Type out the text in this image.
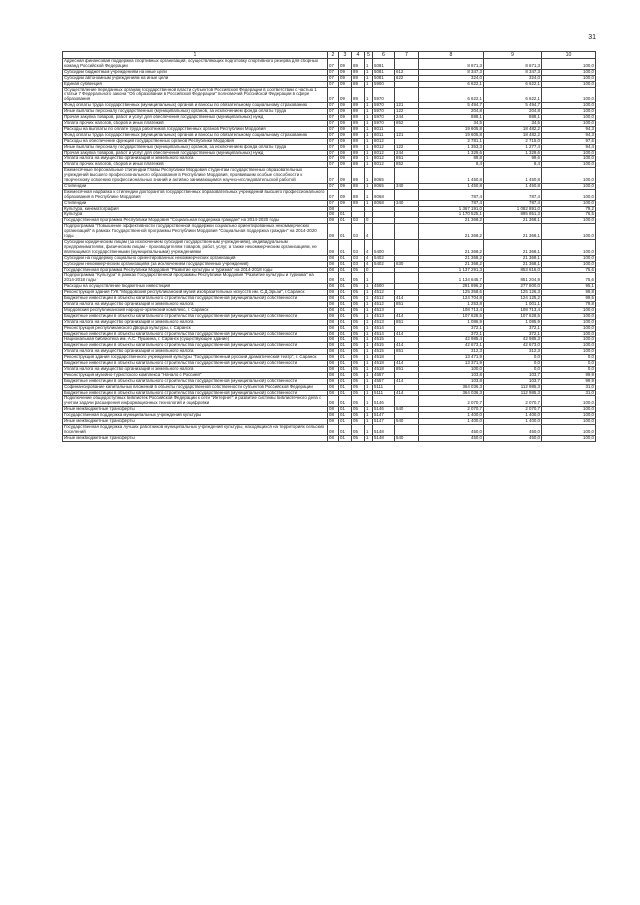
31
1	2	3	4	5	6	7	8	9	10
Адресная финансовая поддержка спортивных организаций, осуществляющих подготовку спортивного резерва для сборных команд Российской Федерации	07	09	89	1	5081		8 671,3	8 671,3	100,0
Субсидии бюджетным учреждениям на иные цели	07	09	89	1	5081	612	8 347,3	8 347,3	100,0
Субсидии автономным учреждениям на иные цели	07	09	89	1	5081	622	324,0	324,0	100,0
Единая субвенция	07	09	89	1	5900		6 622,1	6 622,1	100,0
Осуществление переданных органам государственной власти субъектов Российской Федерации в соответствии с частью 1 статьи 7 Федерального закона "Об образовании в Российской Федерации" полномочий Российской Федерации в сфере образования	07	09	89	1	5970		6 622,1	6 622,1	100,0
Фонд оплаты труда государственных (муниципальных) органов и взносы по обязательному социальному страхованию	07	09	89	1	5970	121	5 494,7	5 494,7	100,0
Иные выплаты персоналу государственных (муниципальных) органов, за исключением фонда оплаты труда	07	09	89	1	5970	122	204,8	204,8	100,0
Прочая закупка товаров, работ и услуг для обеспечения государственных (муниципальных) нужд	07	09	89	1	5970	244	888,1	888,1	100,0
Уплата прочих налогов, сборов и иных платежей	07	09	89	1	5970	852	34,5	34,5	100,0
Расходы на выплаты по оплате труда работников государственных органов Республики Мордовия	07	09	89	1	8011		19 605,8	18 482,2	94,3
Фонд оплаты труда государственных (муниципальных) органов и взносы по обязательному социальному страхованию	07	09	89	1	8011	121	19 605,8	18 482,2	94,3
Расходы на обеспечение функций государственных органов Республики Мордовия	07	09	89	1	8012		2 781,1	2 715,0	97,6
Иные выплаты персоналу государственных (муниципальных) органов, за исключением фонда оплаты труда	07	09	89	1	8012	122	1 353,3	1 277,4	94,4
Прочая закупка товаров, работ и услуг для обеспечения государственных (муниципальных) нужд	07	09	89	1	8012	244	1 329,6	1 329,6	100,0
Уплата налога на имущество организаций и земельного налога	07	09	89	1	8012	851	89,8	99,6	100,0
Уплата прочих налогов, сборов и иных платежей	07	09	89	1	8012	852	8,4	8,4	100,0
Ежемесячные персональные стипендии Главы Республики Мордовия студентам государственных образовательных учреждений высшего профессионального образования в Республике Мордовия, проявившим особые способности к творческому освоению профессиональных знаний и активно занимающимся научно-исследовательской работой	07	09	89	1	8065		1 450,8	1 450,8	100,0
Стипендии	07	09	89	1	8065	340	1 450,8	1 450,8	100,0
Ежемесячная надбавка к стипендии докторантов государственных образовательных учреждений высшего профессионального образования в Республике Мордовия	07	09	89	1	8068		787,4	787,4	100,0
Стипендии	07	09	89	1	8068	340	787,4	787,4	100,0
Культура, кинематография	08						1 367 191,0	1 082 891,0	79,2
Культура	08	01					1 170 525,1	895 851,3	76,5
Государственная программа Республики Мордовия "Социальная поддержка граждан" на 2014-2020 годы	08	01	03	0			21 368,2	21 368,1	100,0
Подпрограмма "Повышение эффективности государственной поддержки социально ориентированных некоммерческих организаций" в рамках Государственной программы Республики Мордовия "Социальная поддержка граждан" на 2014-2020 годы	08	01	03	4			21 368,2	21 368,1	100,0
Субсидии юридическим лицам (за исключением субсидий государственным учреждениям), индивидуальным предпринимателям, физическим лицам - производителям товаров, работ, услуг, а также некоммерческим организациям, не являющимся государственными (муниципальными) учреждениями	08	01	03	4	5400		21 368,2	21 368,1	100,0
Субсидии на поддержку социально ориентированных некоммерческих организаций	08	01	03	4	5402		21 368,2	21 368,1	100,0
Субсидии некоммерческим организациям (за исключением государственных учреждений)	08	01	03	4	5402	630	21 368,2	21 368,1	100,0
Государственная программа Республики Мордовия "Развитие культуры и туризма" на 2014-2018 годы	08	01	05	0			1 137 291,3	853 616,0	75,6
Подпрограмма "Культура" в рамках Государственной программы Республики Мордовия "Развитие культуры и туризма" на 2014-2018 годы	08	01	05	1			1 134 645,7	851 204,9	75,6
Расходы на осуществление бюджетных инвестиций	08	01	05	1	4500		291 896,2	277 800,0	95,1
Реконструкция здания ГУК "Мордовский республиканский музей изобразительных искусств им. С.Д.Эрьзи", г.Саранск	08	01	05	1	4512		125 358,6	125 126,3	99,8
Бюджетные инвестиции в объекты капитального строительства государственной (муниципальной) собственности	08	01	05	1	4512	414	124 704,8	124 125,2	99,5
Уплата налога на имущество организаций и земельного налога	08	01	05	1	4512	851	1 253,8	1 001,1	79,8
Мордовский республиканский народно-эрзянский комплекс, г. Саранск	08	01	05	1	4513		108 713,4	108 713,4	100,0
Бюджетные инвестиции в объекты капитального строительства государственной (муниципальной) собственности	08	01	05	1	4513	414	107 628,5	107 628,5	100,0
Уплата налога на имущество организаций и земельного налога	08	01	05	1	4513	851	1 086,9	1 085,9	100,0
Реконструкция республиканского Дворца культуры, г. Саранск	08	01	05	1	4514		372,1	372,1	100,0
Бюджетные инвестиции в объекты капитального строительства государственной (муниципальной) собственности	08	01	05	1	4514	414	372,1	372,1	100,0
Национальная библиотека им. А.С. Пушкина, г. Саранск (существующее здание)	08	01	05	1	4515		42 985,4	42 985,3	100,0
Бюджетные инвестиции в объекты капитального строительства государственной (муниципальной) собственности	08	01	05	1	4515	414	42 673,1	42 673,0	100,0
Уплата налога на имущество организаций и земельного налога	08	01	05	1	4515	851	312,3	312,3	100,0
Реконструкция здания государственного учреждения культуры "Государственный русский драматический театр", г. Саранск	08	01	05	1	4518		13 471,9	0,0	0,0
Бюджетные инвестиции в объекты капитального строительства государственной (муниципальной) собственности	08	01	05	1	4518	414	13 371,9	0,0	0,0
Уплата налога на имущество организаций и земельного налога	08	01	05	1	4518	851	100,0	0,0	0,0
Реконструкция музейно-туристского комплекса "Начало с Россией"	08	01	05	1	4557		103,8	103,7	99,9
Бюджетные инвестиции в объекты капитального строительства государственной (муниципальной) собственности	08	01	05	1	4557	414	103,8	103,7	99,9
Софинансирование капитальных вложений в объекты государственной собственности субъектов Российской Федерации	08	01	05	1	5111		364 036,3	112 985,3	31,0
Бюджетные инвестиции в объекты капитального строительства государственной (муниципальной) собственности	08	01	05	1	5111	414	364 036,3	112 985,3	31,0
Подключение общедоступных библиотек Российской Федерации к сети "Интернет" и развитие системы библиотечного дела с учетом задачи расширения информационных технологий и оцифровки	08	01	05	1	5146		2 070,7	2 070,7	100,0
Иные межбюджетные трансферты	08	01	05	1	5146	540	2 070,7	2 070,7	100,0
Государственная поддержка муниципальных учреждений культуры	08	01	05	1	5147		1 400,0	1 400,0	100,0
Иные межбюджетные трансферты	08	01	05	1	5147	540	1 400,0	1 400,0	100,0
Государственная поддержка лучших работников муниципальных учреждений культуры, находящихся на территориях сельских поселений	08	01	05	1	5148		450,0	450,0	100,0
Иные межбюджетные трансферты	08	01	05	1	5148	540	450,0	450,0	100,0
